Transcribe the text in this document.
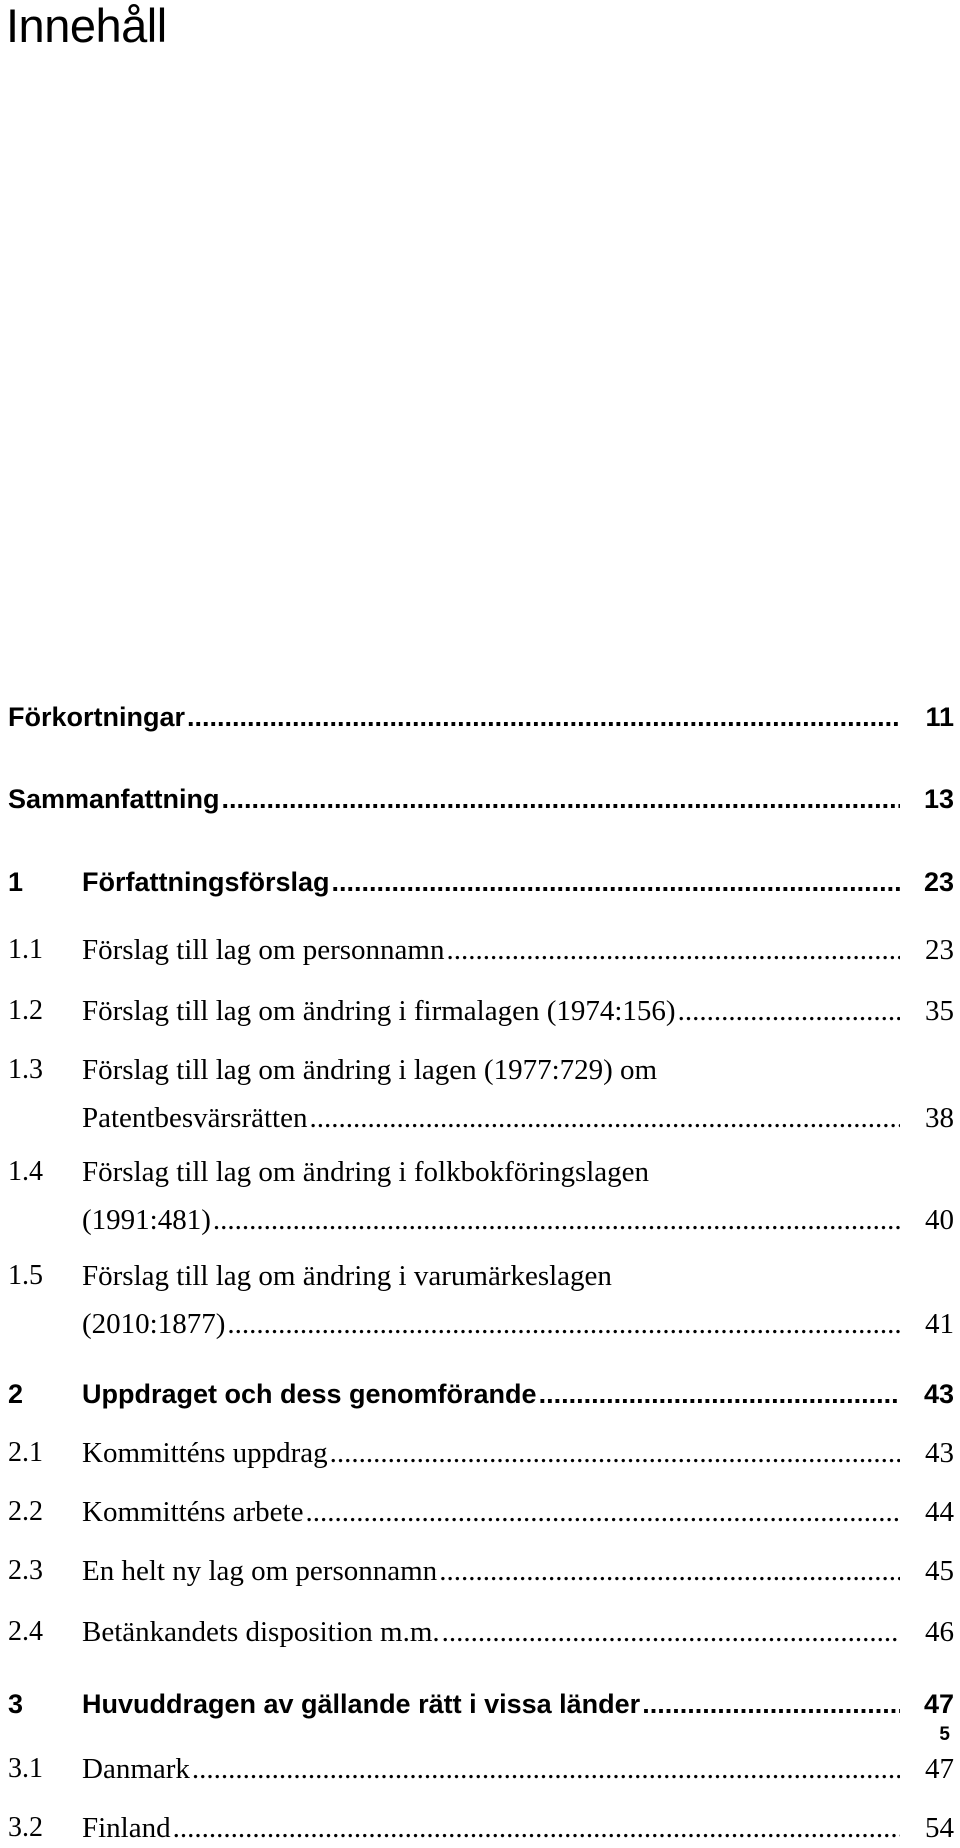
Innehåll
Förkortningar .....	11
Sammanfattning .....	13
1 Författningsförslag .....	23
1.1 Förslag till lag om personnamn .....	23
1.2 Förslag till lag om ändring i firmalagen (1974:156) .....	35
1.3 Förslag till lag om ändring i lagen (1977:729) om
Patentbesvärsrätten .....	38
1.4 Förslag till lag om ändring i folkbokföringslagen
(1991:481) .....	40
1.5 Förslag till lag om ändring i varumärkeslagen
(2010:1877) .....	41
2 Uppdraget och dess genomförande .....	43
2.1 Kommitténs uppdrag .....	43
2.2 Kommitténs arbete .....	44
2.3 En helt ny lag om personnamn .....	45
2.4 Betänkandets disposition m.m. .....	46
3 Huvuddragen av gällande rätt i vissa länder .....	47
3.1 Danmark .....	47
3.2 Finland .....	54
5
